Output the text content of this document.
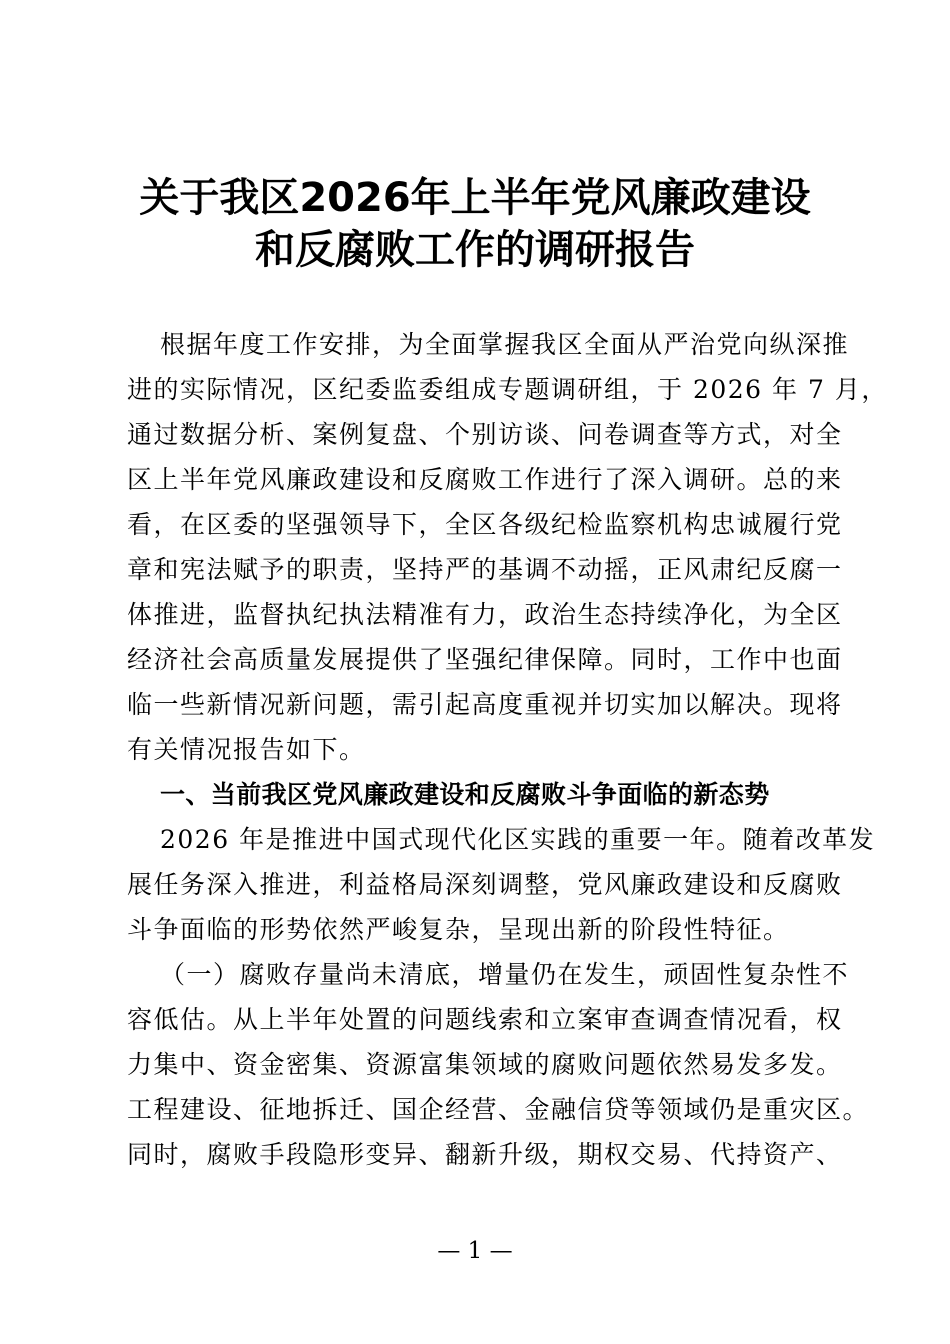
关于我区2026年上半年党风廉政建设
和反腐败工作的调研报告
根据年度工作安排，为全面掌握我区全面从严治党向纵深推
进的实际情况，区纪委监委组成专题调研组，于 2026 年 7 月，
通过数据分析、案例复盘、个别访谈、问卷调查等方式，对全
区上半年党风廉政建设和反腐败工作进行了深入调研。总的来
看，在区委的坚强领导下，全区各级纪检监察机构忠诚履行党
章和宪法赋予的职责，坚持严的基调不动摇，正风肃纪反腐一
体推进，监督执纪执法精准有力，政治生态持续净化，为全区
经济社会高质量发展提供了坚强纪律保障。同时，工作中也面
临一些新情况新问题，需引起高度重视并切实加以解决。现将
有关情况报告如下。
一、当前我区党风廉政建设和反腐败斗争面临的新态势
2026 年是推进中国式现代化区实践的重要一年。随着改革发
展任务深入推进，利益格局深刻调整，党风廉政建设和反腐败
斗争面临的形势依然严峻复杂，呈现出新的阶段性特征。
（一）腐败存量尚未清底，增量仍在发生，顽固性复杂性不
容低估。从上半年处置的问题线索和立案审查调查情况看，权
力集中、资金密集、资源富集领域的腐败问题依然易发多发。
工程建设、征地拆迁、国企经营、金融信贷等领域仍是重灾区。
同时，腐败手段隐形变异、翻新升级，期权交易、代持资产、
— 1 —
